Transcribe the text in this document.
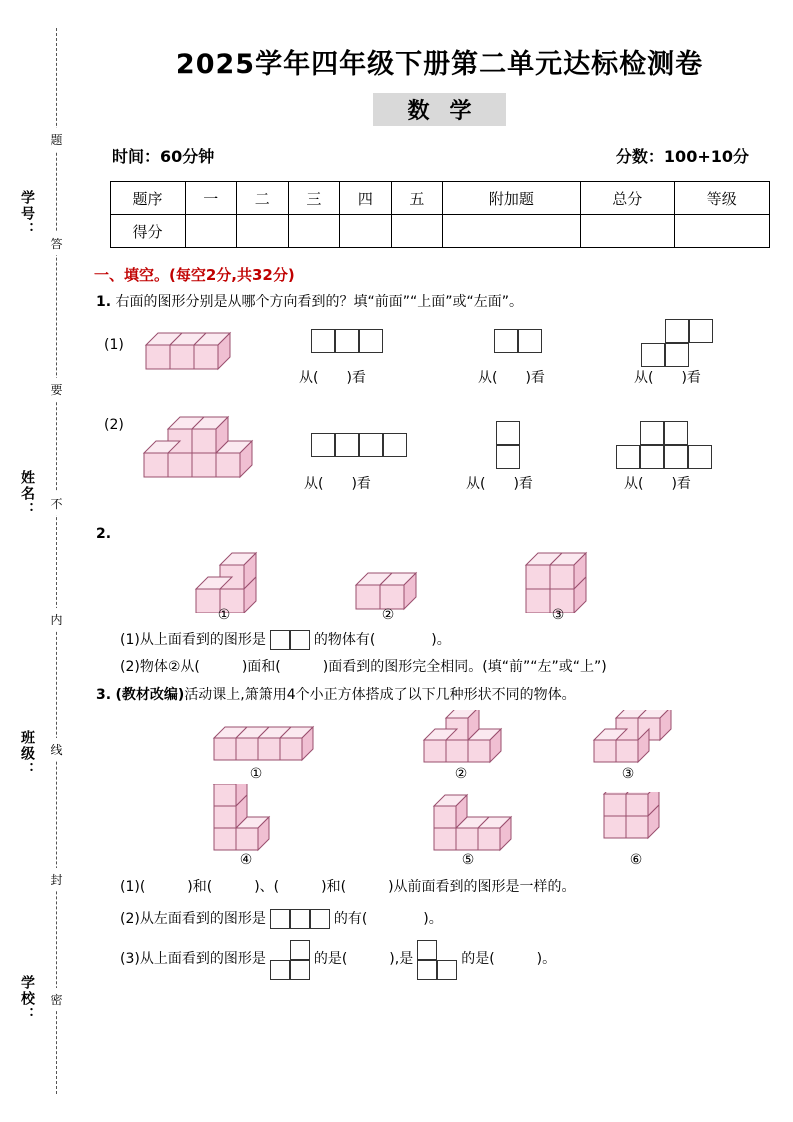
学号：
姓名：
班级：
学校：
题
答
要
不
内
线
封
密
2025学年四年级下册第二单元达标检测卷
数学
时间：60分钟	分数：100+10分
题序	一	二	三	四	五	附加题	总分	等级
得分								
一、填空。(每空2分,共32分)
1. 右面的图形分别是从哪个方向看到的？填“前面”“上面”或“左面”。
(1)
从(　　)看	从(　　)看	从(　　)看
(2)
从(　　)看	从(　　)看	从(　　)看
2.
①	②	③
(1)从上面看到的图形是	的物体有(　　　　)。
(2)物体②从(　　　)面和(　　　)面看到的图形完全相同。(填“前”“左”或“上”)
3. (教材改编)活动课上,箫箫用4个小正方体搭成了以下几种形状不同的物体。
①	②	③
④	⑤	⑥
(1)(　　　)和(　　　)、(　　　)和(　　　)从前面看到的图形是一样的。
(2)从左面看到的图形是	的有(　　　　)。
(3)从上面看到的图形是	的是(　　　),是	的是(　　　)。
